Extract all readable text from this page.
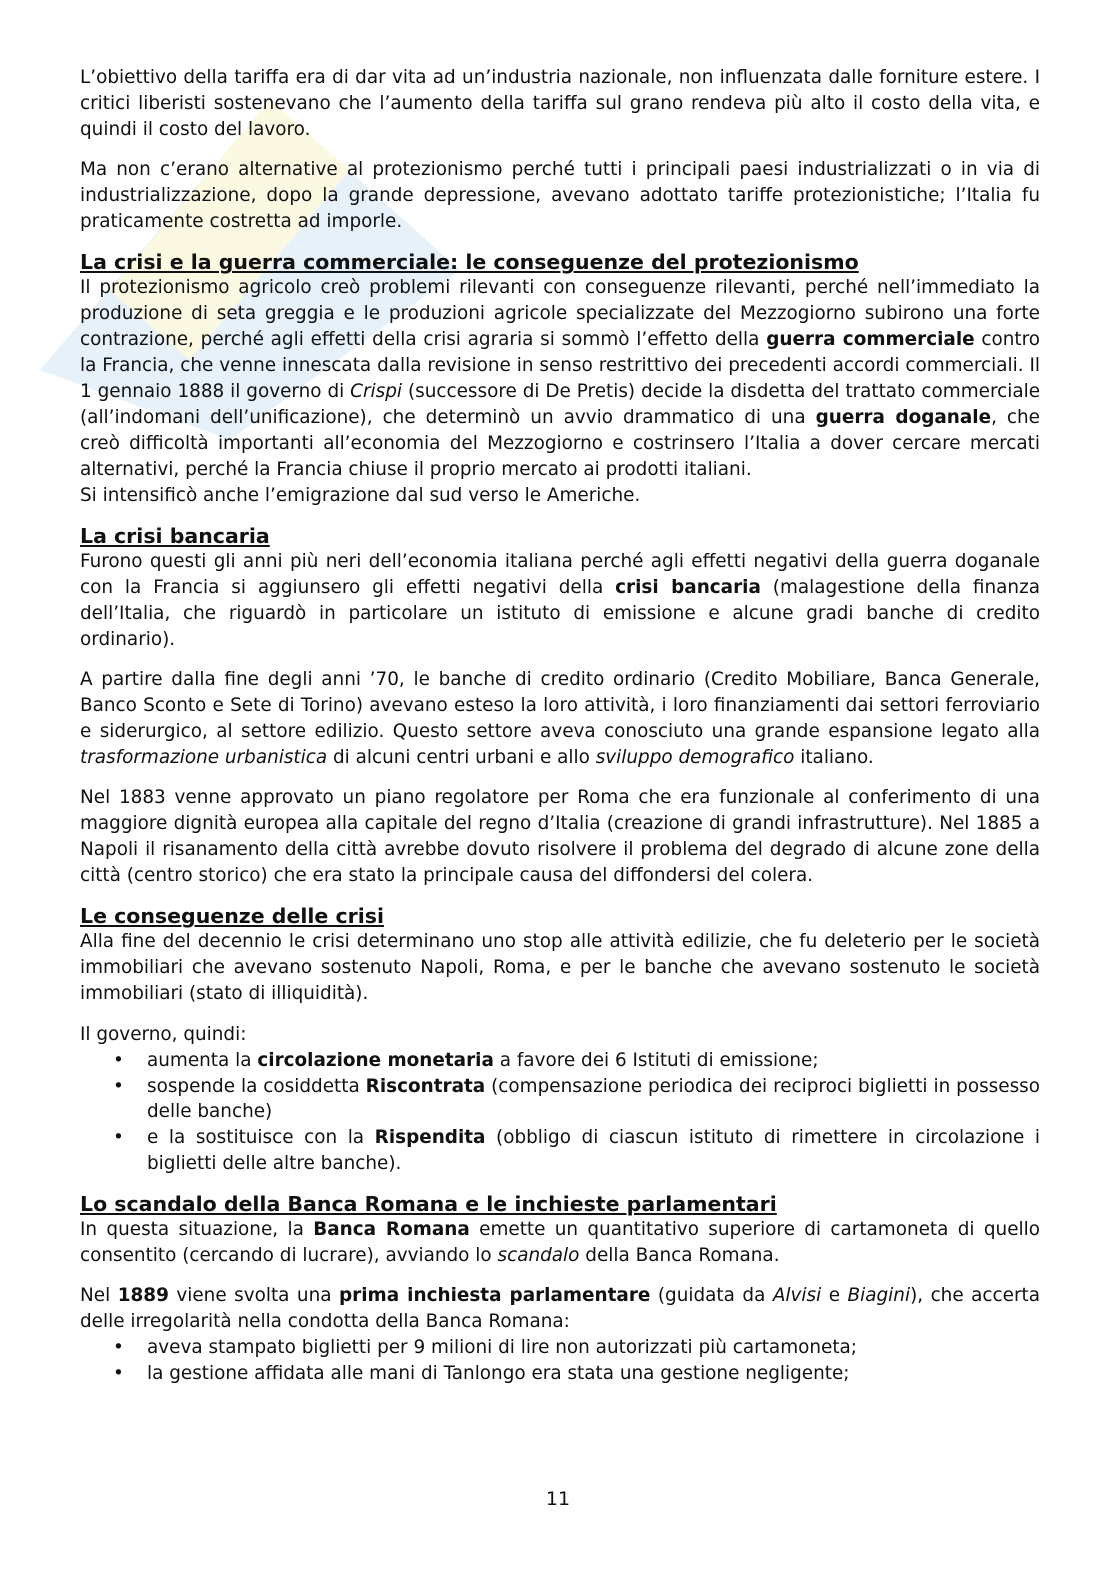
L’obiettivo della tariffa era di dar vita ad un’industria nazionale, non influenzata dalle forniture estere. I critici liberisti sostenevano che l’aumento della tariffa sul grano rendeva più alto il costo della vita, e quindi il costo del lavoro.

Ma non c’erano alternative al protezionismo perché tutti i principali paesi industrializzati o in via di industrializzazione, dopo la grande depressione, avevano adottato tariffe protezionistiche; l’Italia fu praticamente costretta ad imporle.

La crisi e la guerra commerciale: le conseguenze del protezionismo

Il protezionismo agricolo creò problemi rilevanti con conseguenze rilevanti, perché nell’immediato la produzione di seta greggia e le produzioni agricole specializzate del Mezzogiorno subirono una forte contrazione, perché agli effetti della crisi agraria si sommò l’effetto della guerra commerciale contro la Francia, che venne innescata dalla revisione in senso restrittivo dei precedenti accordi commerciali. Il 1 gennaio 1888 il governo di Crispi (successore di De Pretis) decide la disdetta del trattato commerciale (all’indomani dell’unificazione), che determinò un avvio drammatico di una guerra doganale, che creò difficoltà importanti all’economia del Mezzogiorno e costrinsero l’Italia a dover cercare mercati alternativi, perché la Francia chiuse il proprio mercato ai prodotti italiani.

Si intensificò anche l’emigrazione dal sud verso le Americhe.

La crisi bancaria

Furono questi gli anni più neri dell’economia italiana perché agli effetti negativi della guerra doganale con la Francia si aggiunsero gli effetti negativi della crisi bancaria (malagestione della finanza dell’Italia, che riguardò in particolare un istituto di emissione e alcune gradi banche di credito ordinario).

A partire dalla fine degli anni ’70, le banche di credito ordinario (Credito Mobiliare, Banca Generale, Banco Sconto e Sete di Torino) avevano esteso la loro attività, i loro finanziamenti dai settori ferroviario e siderurgico, al settore edilizio. Questo settore aveva conosciuto una grande espansione legato alla trasformazione urbanistica di alcuni centri urbani e allo sviluppo demografico italiano.

Nel 1883 venne approvato un piano regolatore per Roma che era funzionale al conferimento di una maggiore dignità europea alla capitale del regno d’Italia (creazione di grandi infrastrutture). Nel 1885 a Napoli il risanamento della città avrebbe dovuto risolvere il problema del degrado di alcune zone della città (centro storico) che era stato la principale causa del diffondersi del colera.

Le conseguenze delle crisi

Alla fine del decennio le crisi determinano uno stop alle attività edilizie, che fu deleterio per le società immobiliari che avevano sostenuto Napoli, Roma, e per le banche che avevano sostenuto le società immobiliari (stato di illiquidità).

Il governo, quindi:

• aumenta la circolazione monetaria a favore dei 6 Istituti di emissione;
• sospende la cosiddetta Riscontrata (compensazione periodica dei reciproci biglietti in possesso delle banche)
• e la sostituisce con la Rispendita (obbligo di ciascun istituto di rimettere in circolazione i biglietti delle altre banche).
Lo scandalo della Banca Romana e le inchieste parlamentari

In questa situazione, la Banca Romana emette un quantitativo superiore di cartamoneta di quello consentito (cercando di lucrare), avviando lo scandalo della Banca Romana.

Nel 1889 viene svolta una prima inchiesta parlamentare (guidata da Alvisi e Biagini), che accerta delle irregolarità nella condotta della Banca Romana:

• aveva stampato biglietti per 9 milioni di lire non autorizzati più cartamoneta;
• la gestione affidata alle mani di Tanlongo era stata una gestione negligente;
11
